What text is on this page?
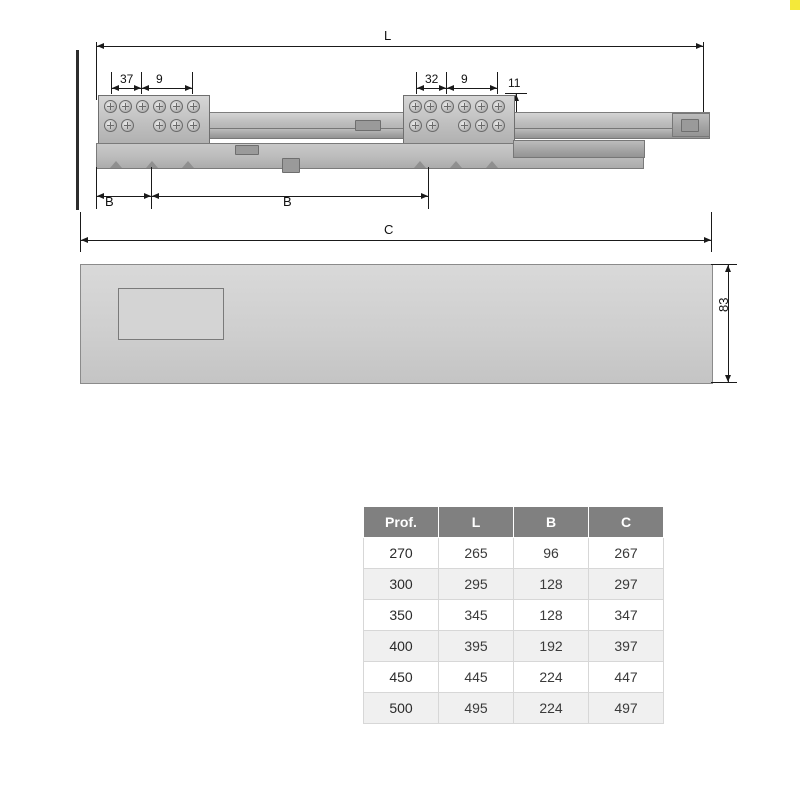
L
37 9	32 9	11
B	B
C
83
Prof.	L	B	C
270	265	96	267
300	295	128	297
350	345	128	347
400	395	192	397
450	445	224	447
500	495	224	497
